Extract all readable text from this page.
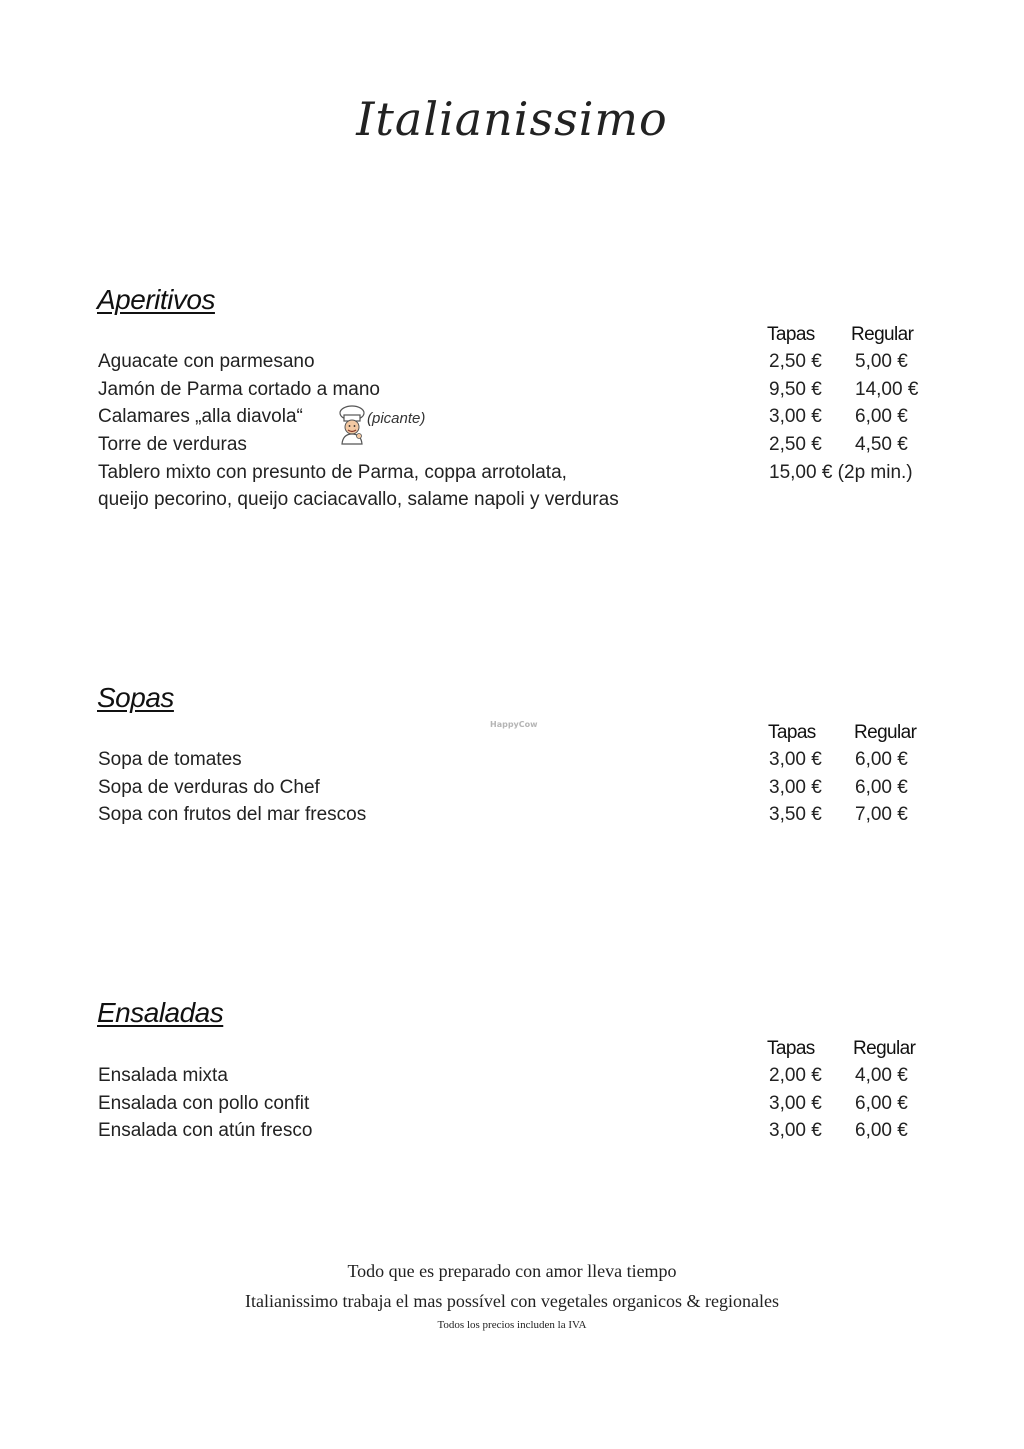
Italianissimo
Aperitivos
Tapas Regular
Aguacate con parmesano	2,50 € 5,00 €
Jamón de Parma cortado a mano	9,50 € 14,00 €
Calamares „alla diavola“	(picante)	3,00 € 6,00 €
Torre de verduras	2,50 € 4,50 €
Tablero mixto con presunto de Parma, coppa arrotolata,	15,00 € (2p min.)
queijo pecorino, queijo caciacavallo, salame napoli y verduras
Sopas
HappyCow	Tapas Regular
Sopa de tomates	3,00 € 6,00 €
Sopa de verduras do Chef	3,00 € 6,00 €
Sopa con frutos del mar frescos	3,50 € 7,00 €
Ensaladas
Tapas Regular
Ensalada mixta	2,00 € 4,00 €
Ensalada con pollo confit	3,00 € 6,00 €
Ensalada con atún fresco	3,00 € 6,00 €
Todo que es preparado con amor lleva tiempo
Italianissimo trabaja el mas possível con vegetales organicos & regionales
Todos los precios includen la IVA
